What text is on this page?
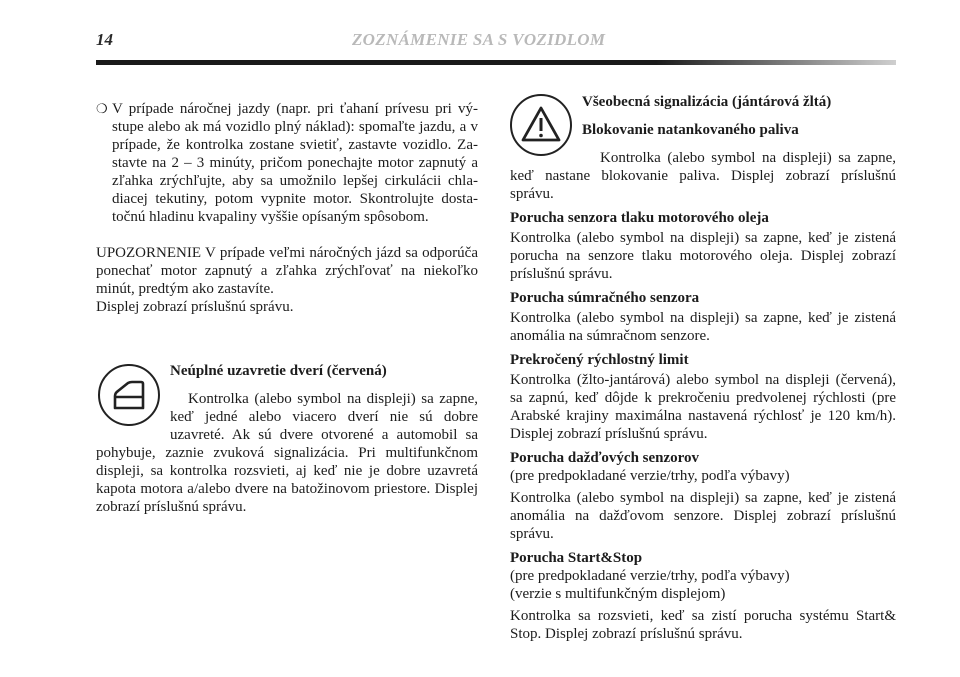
14	ZOZNÁMENIE SA S VOZIDLOM

❍ V prípade náročnej jazdy (napr. pri ťahaní prívesu pri výstupe alebo ak má vozidlo plný náklad): spomaľte jazdu, a v prípade, že kontrolka zostane svietiť, zastavte vozidlo. Zastavte na 2 – 3 minúty, pričom ponechajte motor zapnutý a zľahka zrýchľujte, aby sa umožnilo lepšej cirkulácii chladiacej tekutiny, potom vypnite motor. Skontrolujte dostatočnú hladinu kvapaliny vyššie opísaným spôsobom.

UPOZORNENIE V prípade veľmi náročných jázd sa odporúča ponechať motor zapnutý a zľahka zrýchľovať na niekoľko minút, predtým ako zastavíte.
Displej zobrazí príslušnú správu.

Neúplné uzavretie dverí (červená)

Kontrolka (alebo symbol na displeji) sa zapne, keď jedné alebo viacero dverí nie sú dobre uzavreté. Ak sú dvere otvorené a automobil sa pohybuje, zaznie zvuková signalizácia. Pri multifunkčnom displeji, sa kontrolka rozsvieti, aj keď nie je dobre uzavretá kapota motora a/alebo dvere na batožinovom priestore. Displej zobrazí príslušnú správu.

Všeobecná signalizácia (jántárová žltá)

Blokovanie natankovaného paliva

Kontrolka (alebo symbol na displeji) sa zapne, keď nastane blokovanie paliva. Displej zobrazí príslušnú správu.

Porucha senzora tlaku motorového oleja

Kontrolka (alebo symbol na displeji) sa zapne, keď je zistená porucha na senzore tlaku motorového oleja. Displej zobrazí príslušnú správu.

Porucha súmračného senzora

Kontrolka (alebo symbol na displeji) sa zapne, keď je zistená anomália na súmračnom senzore.

Prekročený rýchlostný limit

Kontrolka (žlto-jantárová) alebo symbol na displeji (červená), sa zapnú, keď dôjde k prekročeniu predvolenej rýchlosti (pre Arabské krajiny maximálna nastavená rýchlosť je 120 km/h). Displej zobrazí príslušnú správu.

Porucha dažďových senzorov

(pre predpokladané verzie/trhy, podľa výbavy)

Kontrolka (alebo symbol na displeji) sa zapne, keď je zistená anomália na dažďovom senzore. Displej zobrazí príslušnú správu.

Porucha Start&Stop

(pre predpokladané verzie/trhy, podľa výbavy)

(verzie s multifunkčným displejom)

Kontrolka sa rozsvieti, keď sa zistí porucha systému Start& Stop. Displej zobrazí príslušnú správu.
